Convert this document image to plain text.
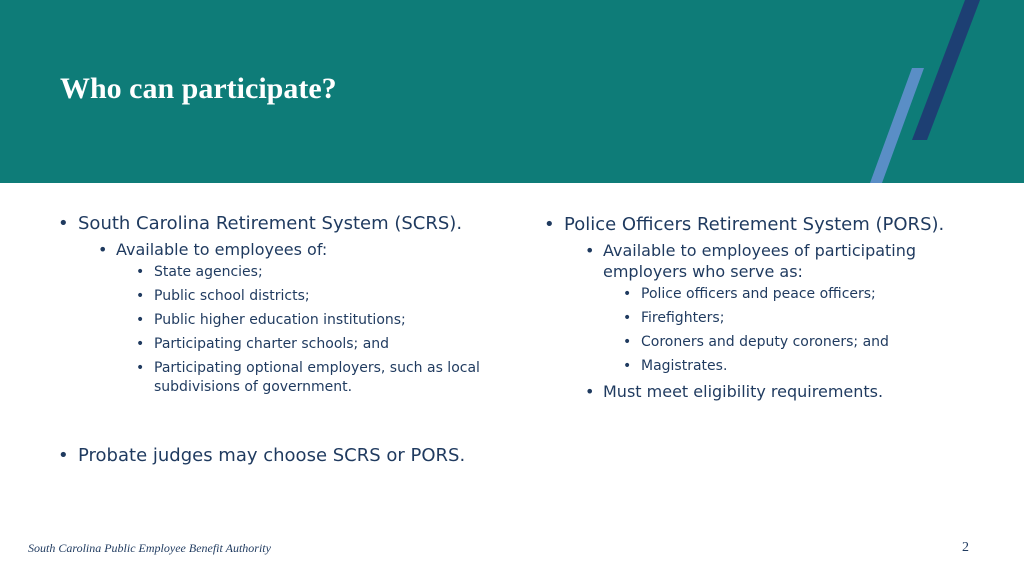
Who can participate?
• South Carolina Retirement System (SCRS).
• Available to employees of:
• State agencies;
• Public school districts;
• Public higher education institutions;
• Participating charter schools; and
• Participating optional employers, such as local subdivisions of government.
• Probate judges may choose SCRS or PORS.
• Police Officers Retirement System (PORS).
• Available to employees of participating employers who serve as:
• Police officers and peace officers;
• Firefighters;
• Coroners and deputy coroners; and
• Magistrates.
• Must meet eligibility requirements.

South Carolina Public Employee Benefit Authority	2
